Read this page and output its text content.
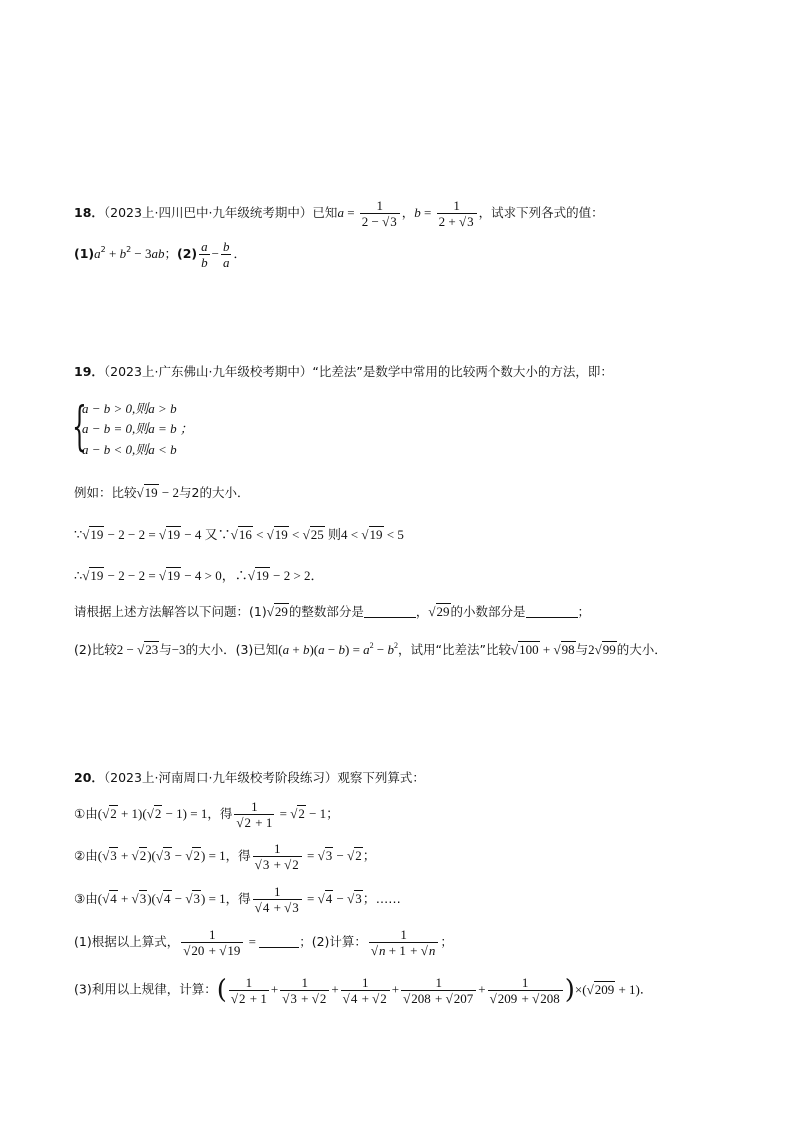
18．（2023上·四川巴中·九年级统考期中）已知$a = \frac{1}{2 - √3}$ ，$b = \frac{1}{2 + √3}$ ，试求下列各式的值：
$(1)a^2 + b^2 - 3ab$；$(2) \frac{a}{b} - \frac{b}{a}$ ．
19．（2023上·广东佛山·九年级校考期中）“比差法”是数学中常用的比较两个数大小的方法，即：
{
a − b > 0,则a > b
a − b = 0,则a = b ；
a − b < 0,则a < b
例如：比较√19 − 2与2的大小．
∵√19 − 2 − 2 = √19 − 4 又∵√16 < √19 < √25 则4 < √19 < 5
∴√19 − 2 − 2 = √19 − 4 > 0，∴√19 − 2 > 2．
请根据上述方法解答以下问题：(1)√29的整数部分是	，√29的小数部分是	；
(2)比较2 − √23与−3的大小．(3)已知$(a + b)(a - b) = a^2 - b^2$，试用“比差法”比较√100 + √98与2√99的大小．
20．（2023上·河南周口·九年级校考阶段练习）观察下列算式：
①由(√2 + 1)(√2 − 1) = 1，得 $\frac{1}{√2 + 1} = √2 - 1$；
②由(√3 + √2)(√3 − √2) = 1，得 $\frac{1}{√3 + √2} = √3 - √2$；
③由(√4 + √3)(√4 − √3) = 1，得 $\frac{1}{√4 + √3} = √4 - √3$；……
(1)根据以上算式， $\frac{1}{√20 + √19}$ =	；(2)计算： $\frac{1}{√n + 1 + √n}$ ；
(3)利用以上规律，计算：( $\frac{1}{√2 + 1} + \frac{1}{√3 + √2} + \frac{1}{√4 + √2} + \frac{1}{√208 + √207} + \frac{1}{√209 + √208} )\times(√209 + 1)$．
